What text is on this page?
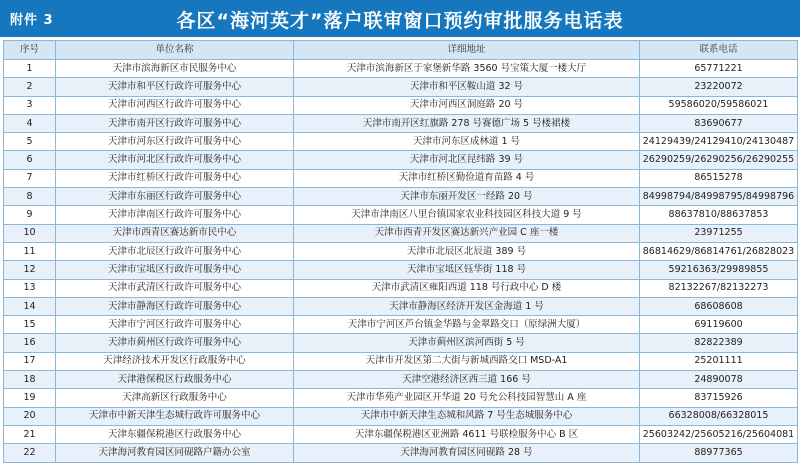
附件 3	各区“海河英才”落户联审窗口预约审批服务电话表
序号	单位名称	详细地址	联系电话
1	天津市滨海新区市民服务中心	天津市滨海新区于家堡新华路 3560 号宝策大厦一楼大厅	65771221
2	天津市和平区行政许可服务中心	天津市和平区鞍山道 32 号	23220072
3	天津市河西区行政许可服务中心	天津市河西区洞庭路 20 号	59586020/59586021
4	天津市南开区行政许可服务中心	天津市南开区红旗路 278 号赛德广场 5 号楼裙楼	83690677
5	天津市河东区行政许可服务中心	天津市河东区成林道 1 号	24129439/24129410/24130487
6	天津市河北区行政许可服务中心	天津市河北区昆纬路 39 号	26290259/26290256/26290255
7	天津市红桥区行政许可服务中心	天津市红桥区勤俭道育苗路 4 号	86515278
8	天津市东丽区行政许可服务中心	天津市东丽开发区一经路 20 号	84998794/84998795/84998796
9	天津市津南区行政许可服务中心	天津市津南区八里台镇国家农业科技园区科技大道 9 号	88637810/88637853
10	天津市西青区赛达新市民中心	天津市西青开发区赛达新兴产业园 C 座一楼	23971255
11	天津市北辰区行政许可服务中心	天津市北辰区北辰道 389 号	86814629/86814761/26828023
12	天津市宝坻区行政许可服务中心	天津市宝坻区钰华街 118 号	59216363/29989855
13	天津市武清区行政许可服务中心	天津市武清区雍阳西道 118 号行政中心 D 楼	82132267/82132273
14	天津市静海区行政许可服务中心	天津市静海区经济开发区金海道 1 号	68608608
15	天津市宁河区行政许可服务中心	天津市宁河区芦台镇金华路与金翠路交口（原绿洲大厦）	69119600
16	天津市蓟州区行政许可服务中心	天津市蓟州区滨河西街 5 号	82822389
17	天津经济技术开发区行政服务中心	天津市开发区第二大街与新城西路交口 MSD-A1	25201111
18	天津港保税区行政服务中心	天津空港经济区西三道 166 号	24890078
19	天津高新区行政服务中心	天津市华苑产业园区开华道 20 号允公科技园智慧山 A 座	83715926
20	天津市中新天津生态城行政许可服务中心	天津市中新天津生态城和风路 7 号生态城服务中心	66328008/66328015
21	天津东疆保税港区行政服务中心	天津东疆保税港区亚洲路 4611 号联检服务中心 B 区	25603242/25605216/25604081
22	天津海河教育园区同砚路户籍办公室	天津海河教育园区同砚路 28 号	88977365
